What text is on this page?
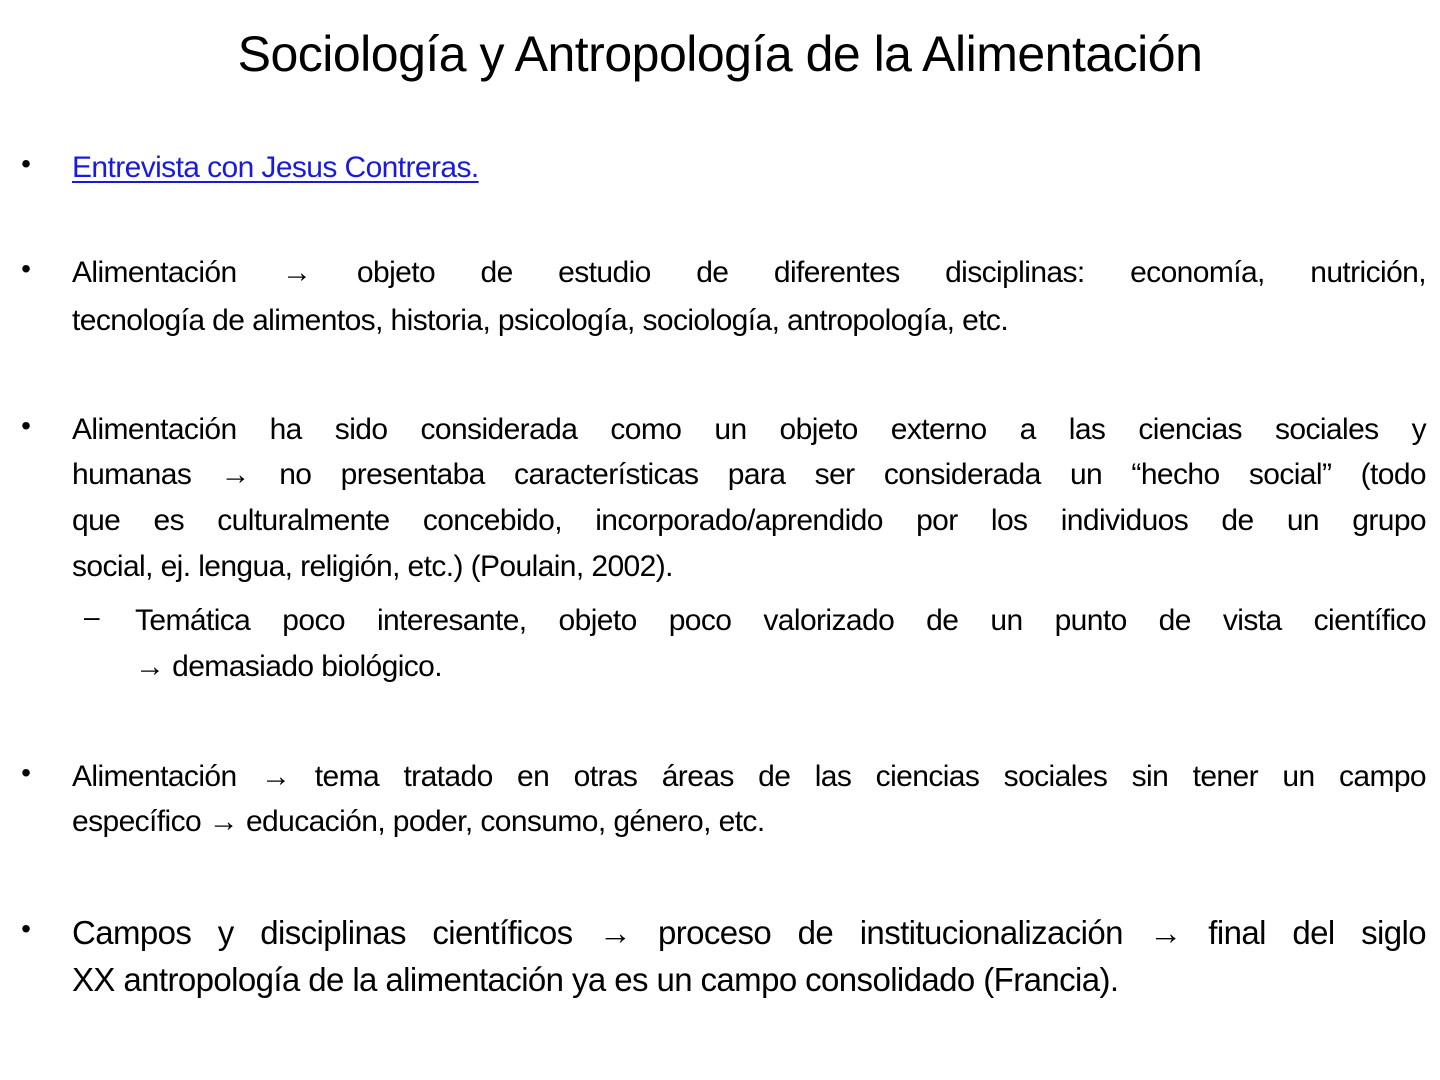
Sociología y Antropología de la Alimentación
• Entrevista con Jesus Contreras.
• Alimentación → objeto de estudio de diferentes disciplinas: economía, nutrición,
tecnología de alimentos, historia, psicología, sociología, antropología, etc.
• Alimentación ha sido considerada como un objeto externo a las ciencias sociales y
humanas → no presentaba características para ser considerada un “hecho social” (todo
que es culturalmente concebido, incorporado/aprendido por los individuos de un grupo
social, ej. lengua, religión, etc.) (Poulain, 2002).
– Temática poco interesante, objeto poco valorizado de un punto de vista científico
→ demasiado biológico.
• Alimentación → tema tratado en otras áreas de las ciencias sociales sin tener un campo
específico → educación, poder, consumo, género, etc.
• Campos y disciplinas científicos → proceso de institucionalización → final del siglo
XX antropología de la alimentación ya es un campo consolidado (Francia).
